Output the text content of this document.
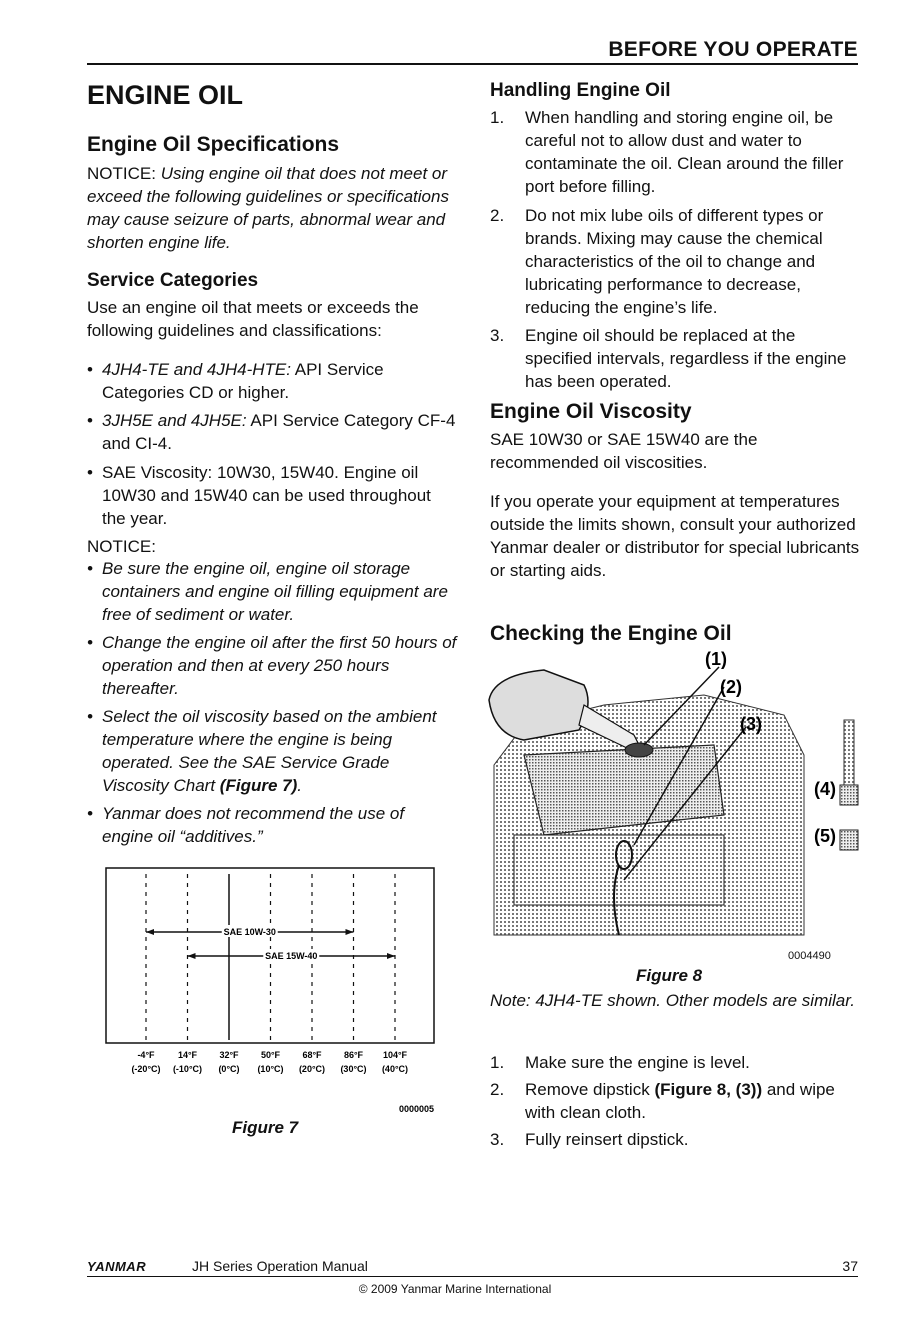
BEFORE YOU OPERATE
ENGINE OIL
Engine Oil Specifications
NOTICE: Using engine oil that does not meet or exceed the following guidelines or specifications may cause seizure of parts, abnormal wear and shorten engine life.
Service Categories
Use an engine oil that meets or exceeds the following guidelines and classifications:
• 4JH4-TE and 4JH4-HTE: API Service Categories CD or higher.
• 3JH5E and 4JH5E: API Service Category CF-4 and CI-4.
• SAE Viscosity: 10W30, 15W40. Engine oil 10W30 and 15W40 can be used throughout the year.
NOTICE:
• Be sure the engine oil, engine oil storage containers and engine oil filling equipment are free of sediment or water.
• Change the engine oil after the first 50 hours of operation and then at every 250 hours thereafter.
• Select the oil viscosity based on the ambient temperature where the engine is being operated. See the SAE Service Grade Viscosity Chart (Figure 7).
• Yanmar does not recommend the use of engine oil “additives.”
SAE 10W-30
SAE 15W-40
-4°F
(-20°C)
14°F
(-10°C)
32°F
(0°C)
50°F
(10°C)
68°F
(20°C)
86°F
(30°C)
104°F
(40°C)
0000005
Figure 7
Handling Engine Oil
1. When handling and storing engine oil, be careful not to allow dust and water to contaminate the oil. Clean around the filler port before filling.
2. Do not mix lube oils of different types or brands. Mixing may cause the chemical characteristics of the oil to change and lubricating performance to decrease, reducing the engine’s life.
3. Engine oil should be replaced at the specified intervals, regardless if the engine has been operated.
Engine Oil Viscosity
SAE 10W30 or SAE 15W40 are the recommended oil viscosities.
If you operate your equipment at temperatures outside the limits shown, consult your authorized Yanmar dealer or distributor for special lubricants or starting aids.
Checking the Engine Oil
(1)
(2)
(3)
(4)
(5)
0004490
Figure 8
Note: 4JH4-TE shown. Other models are similar.
1. Make sure the engine is level.
2. Remove dipstick (Figure 8, (3)) and wipe with clean cloth.
3. Fully reinsert dipstick.
YANMAR	JH Series Operation Manual	37
© 2009 Yanmar Marine International
